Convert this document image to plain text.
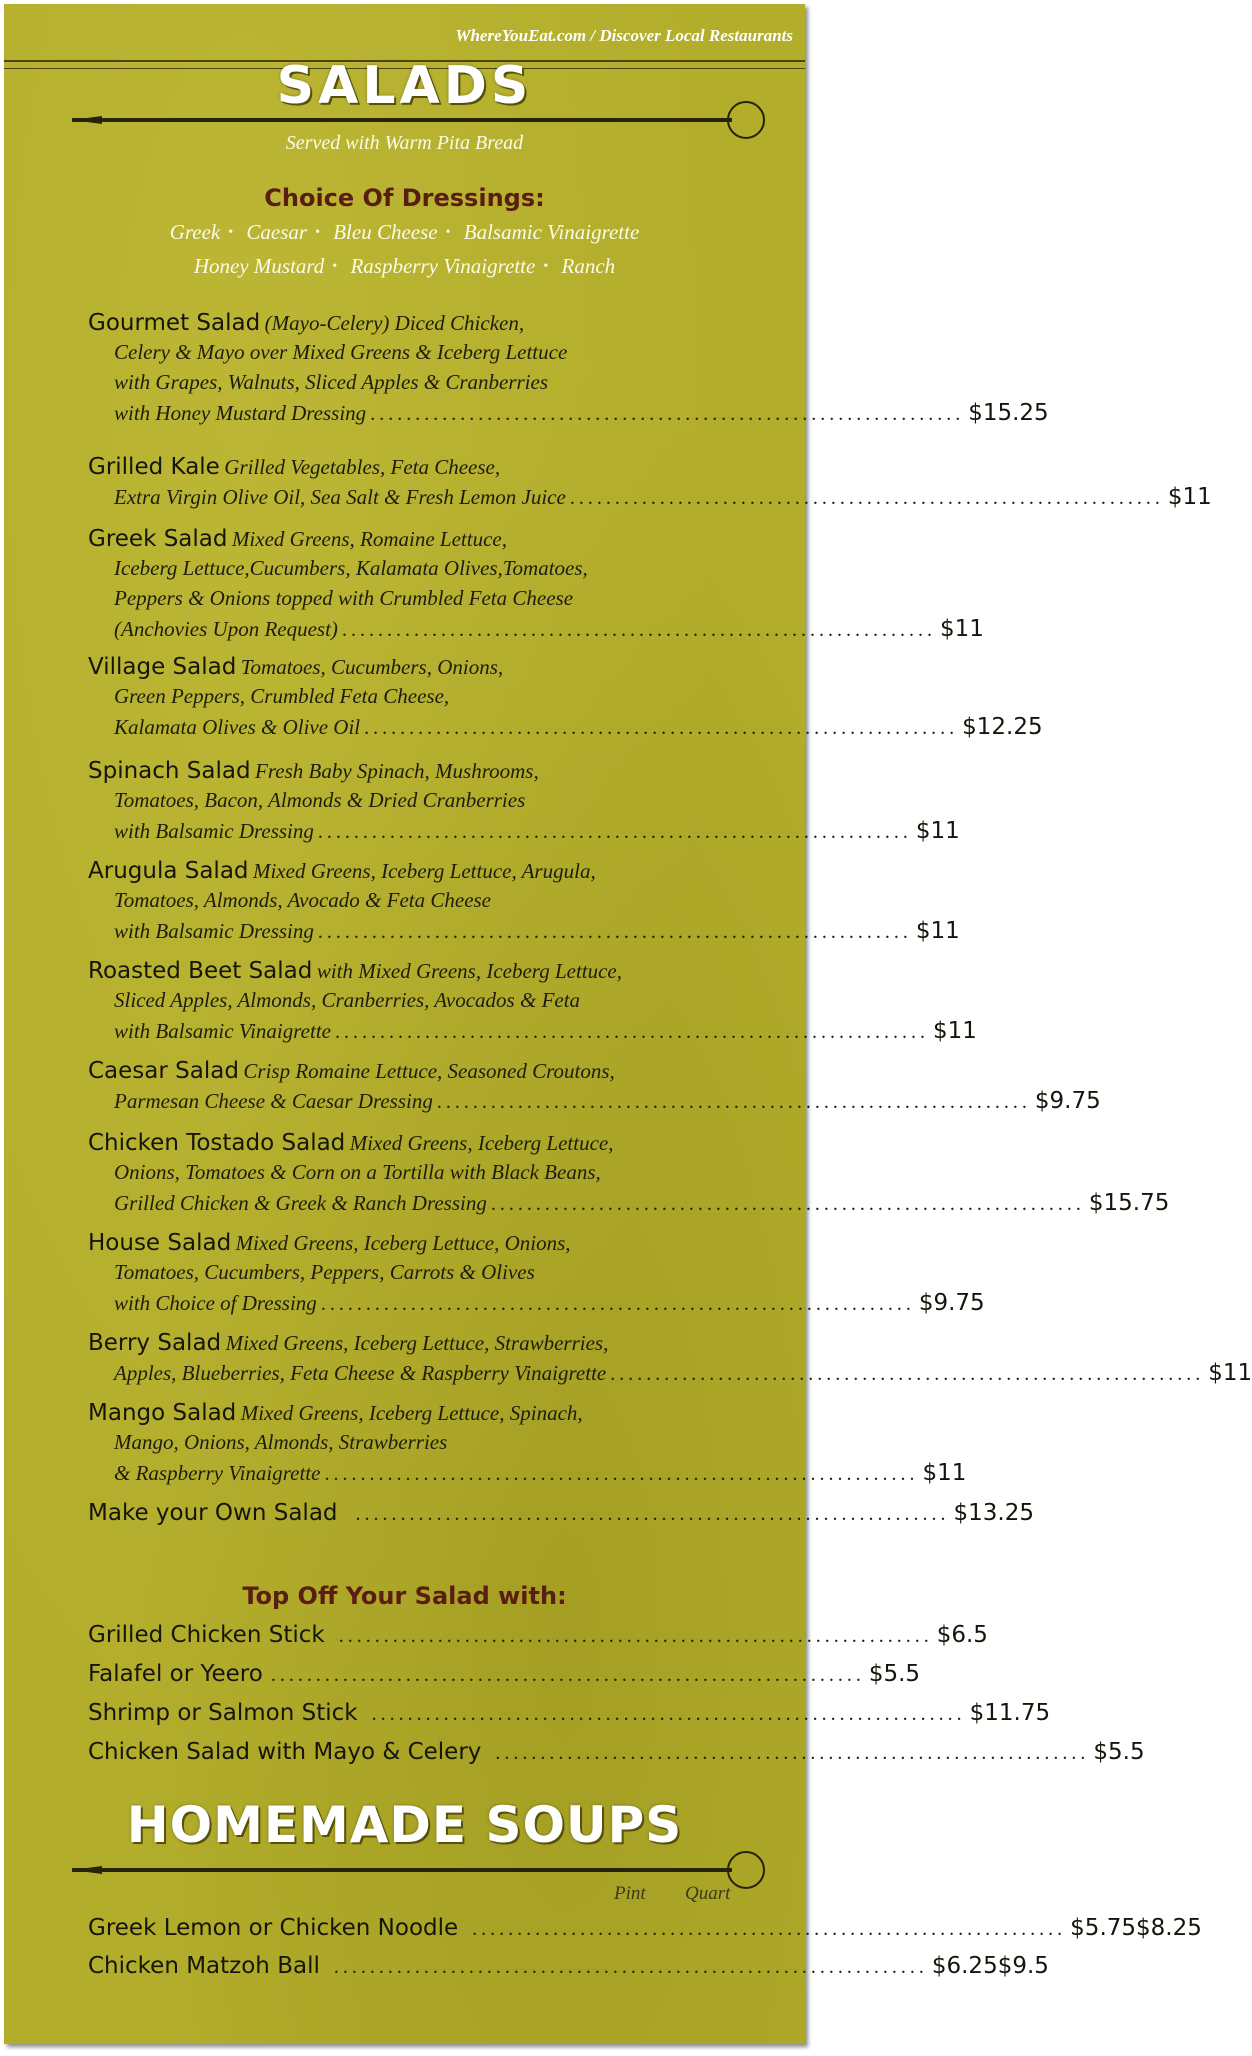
WhereYouEat.com / Discover Local Restaurants
SALADS
Served with Warm Pita Bread
Choice Of Dressings:
Greek • Caesar • Bleu Cheese • Balsamic Vinaigrette
Honey Mustard • Raspberry Vinaigrette • Ranch
Gourmet Salad (Mayo-Celery) Diced Chicken,
Celery & Mayo over Mixed Greens & Iceberg Lettuce
with Grapes, Walnuts, Sliced Apples & Cranberries
with Honey Mustard Dressing .................................................................. $15.25
Grilled Kale Grilled Vegetables, Feta Cheese,
Extra Virgin Olive Oil, Sea Salt & Fresh Lemon Juice .................................................................. $11
Greek Salad Mixed Greens, Romaine Lettuce,
Iceberg Lettuce,Cucumbers, Kalamata Olives,Tomatoes,
Peppers & Onions topped with Crumbled Feta Cheese
(Anchovies Upon Request) .................................................................. $11
Village Salad Tomatoes, Cucumbers, Onions,
Green Peppers, Crumbled Feta Cheese,
Kalamata Olives & Olive Oil .................................................................. $12.25
Spinach Salad Fresh Baby Spinach, Mushrooms,
Tomatoes, Bacon, Almonds & Dried Cranberries
with Balsamic Dressing .................................................................. $11
Arugula Salad Mixed Greens, Iceberg Lettuce, Arugula,
Tomatoes, Almonds, Avocado & Feta Cheese
with Balsamic Dressing .................................................................. $11
Roasted Beet Salad with Mixed Greens, Iceberg Lettuce,
Sliced Apples, Almonds, Cranberries, Avocados & Feta
with Balsamic Vinaigrette .................................................................. $11
Caesar Salad Crisp Romaine Lettuce, Seasoned Croutons,
Parmesan Cheese & Caesar Dressing .................................................................. $9.75
Chicken Tostado Salad Mixed Greens, Iceberg Lettuce,
Onions, Tomatoes & Corn on a Tortilla with Black Beans,
Grilled Chicken & Greek & Ranch Dressing .................................................................. $15.75
House Salad Mixed Greens, Iceberg Lettuce, Onions,
Tomatoes, Cucumbers, Peppers, Carrots & Olives
with Choice of Dressing .................................................................. $9.75
Berry Salad Mixed Greens, Iceberg Lettuce, Strawberries,
Apples, Blueberries, Feta Cheese & Raspberry Vinaigrette .................................................................. $11
Mango Salad Mixed Greens, Iceberg Lettuce, Spinach,
Mango, Onions, Almonds, Strawberries
& Raspberry Vinaigrette .................................................................. $11
Make your Own Salad .................................................................. $13.25
Top Off Your Salad with:
Grilled Chicken Stick .................................................................. $6.5
Falafel or Yeero .................................................................. $5.5
Shrimp or Salmon Stick .................................................................. $11.75
Chicken Salad with Mayo & Celery .................................................................. $5.5
HOMEMADE SOUPS
Pint Quart
Greek Lemon or Chicken Noodle .................................................................. $5.75 $8.25
Chicken Matzoh Ball .................................................................. $6.25 $9.5
